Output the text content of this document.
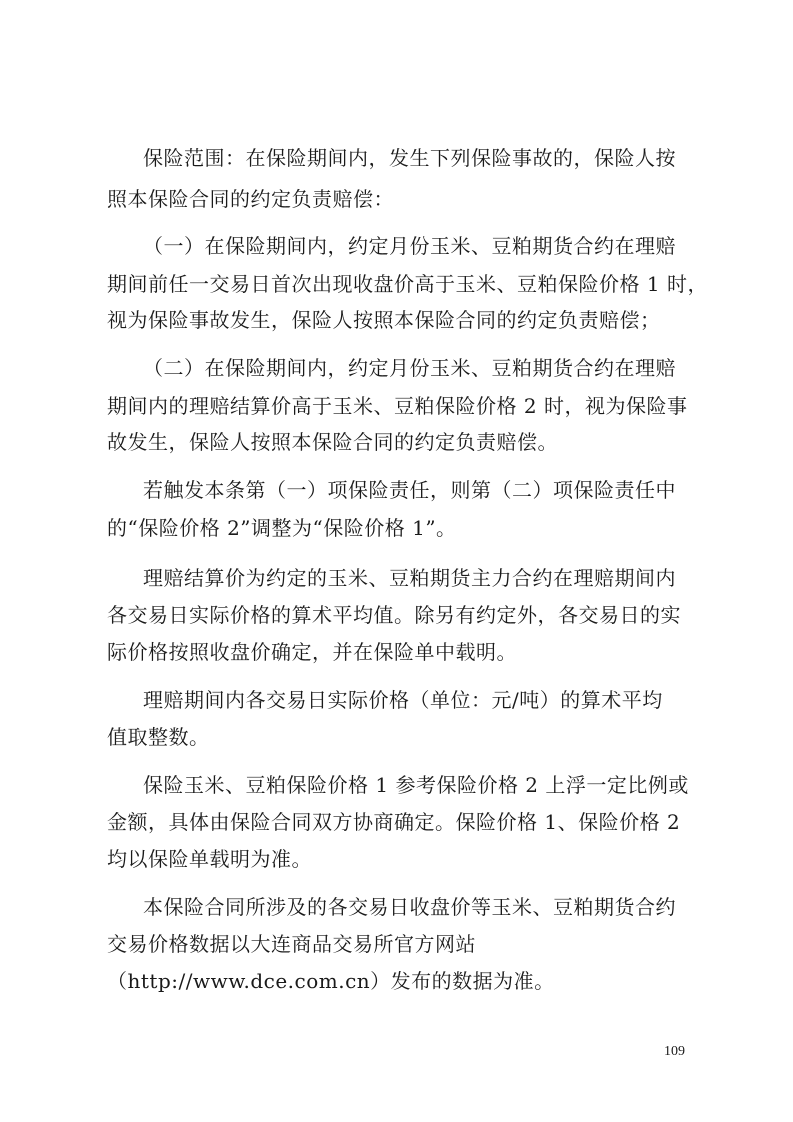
保险范围：在保险期间内，发生下列保险事故的，保险人按
照本保险合同的约定负责赔偿：
（一）在保险期间内，约定月份玉米、豆粕期货合约在理赔
期间前任一交易日首次出现收盘价高于玉米、豆粕保险价格 1 时，
视为保险事故发生，保险人按照本保险合同的约定负责赔偿；
（二）在保险期间内，约定月份玉米、豆粕期货合约在理赔
期间内的理赔结算价高于玉米、豆粕保险价格 2 时，视为保险事
故发生，保险人按照本保险合同的约定负责赔偿。
若触发本条第（一）项保险责任，则第（二）项保险责任中
的“保险价格 2”调整为“保险价格 1”。
理赔结算价为约定的玉米、豆粕期货主力合约在理赔期间内
各交易日实际价格的算术平均值。除另有约定外，各交易日的实
际价格按照收盘价确定，并在保险单中载明。
理赔期间内各交易日实际价格（单位：元/吨）的算术平均
值取整数。
保险玉米、豆粕保险价格 1 参考保险价格 2 上浮一定比例或
金额，具体由保险合同双方协商确定。保险价格 1、保险价格 2
均以保险单载明为准。
本保险合同所涉及的各交易日收盘价等玉米、豆粕期货合约
交易价格数据以大连商品交易所官方网站
（http://www.dce.com.cn）发布的数据为准。
109
